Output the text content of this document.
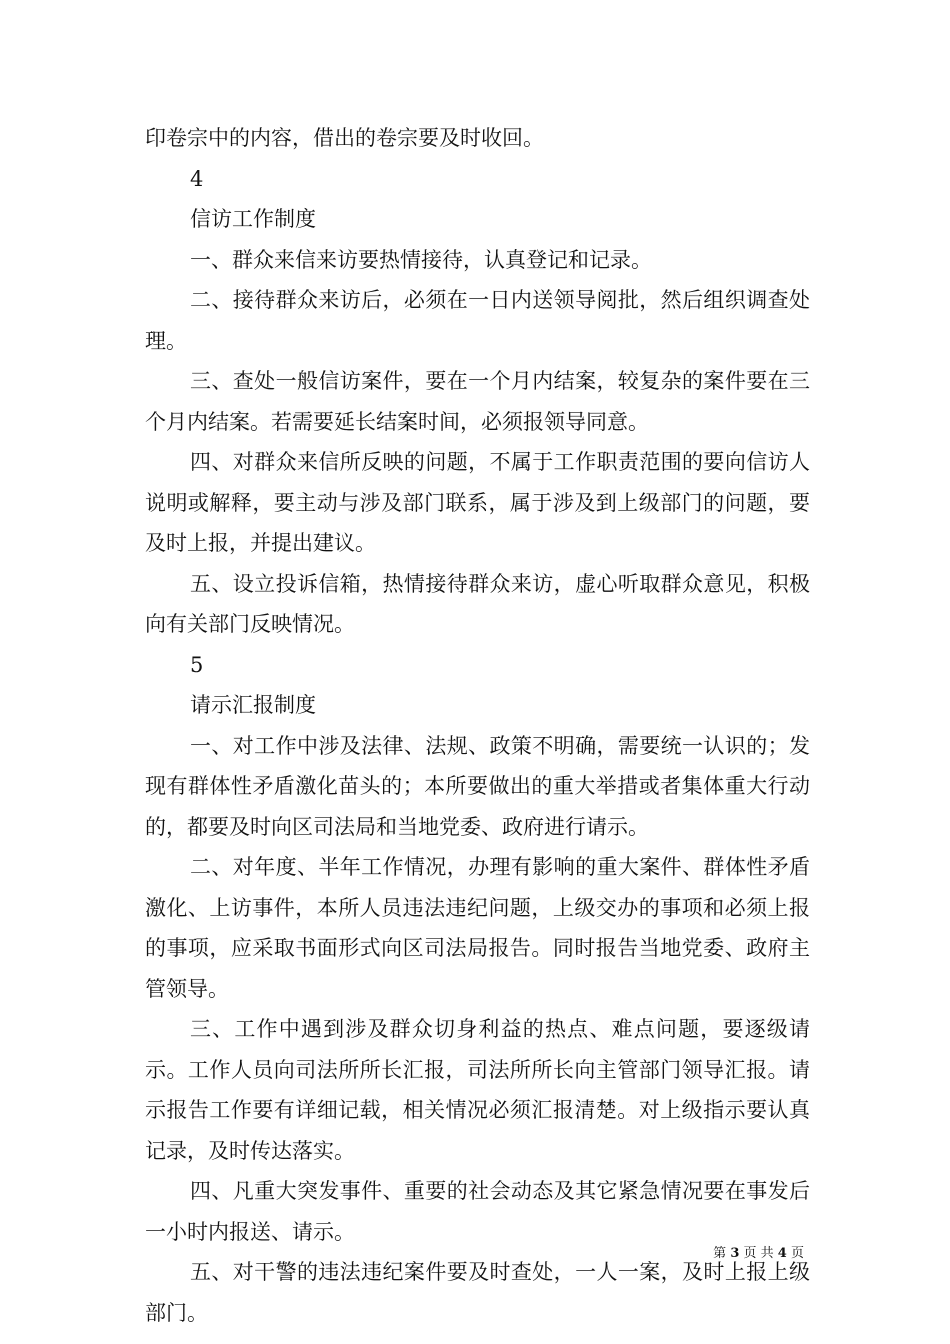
印卷宗中的内容，借出的卷宗要及时收回。

4

信访工作制度

一、群众来信来访要热情接待，认真登记和记录。

二、接待群众来访后，必须在一日内送领导阅批，然后组织调查处理。

三、查处一般信访案件，要在一个月内结案，较复杂的案件要在三个月内结案。若需要延长结案时间，必须报领导同意。

四、对群众来信所反映的问题，不属于工作职责范围的要向信访人说明或解释，要主动与涉及部门联系，属于涉及到上级部门的问题，要及时上报，并提出建议。

五、设立投诉信箱，热情接待群众来访，虚心听取群众意见，积极向有关部门反映情况。

5

请示汇报制度

一、对工作中涉及法律、法规、政策不明确，需要统一认识的；发现有群体性矛盾激化苗头的；本所要做出的重大举措或者集体重大行动的，都要及时向区司法局和当地党委、政府进行请示。

二、对年度、半年工作情况，办理有影响的重大案件、群体性矛盾激化、上访事件，本所人员违法违纪问题，上级交办的事项和必须上报的事项，应采取书面形式向区司法局报告。同时报告当地党委、政府主管领导。

三、工作中遇到涉及群众切身利益的热点、难点问题，要逐级请示。工作人员向司法所所长汇报，司法所所长向主管部门领导汇报。请示报告工作要有详细记载，相关情况必须汇报清楚。对上级指示要认真记录，及时传达落实。

四、凡重大突发事件、重要的社会动态及其它紧急情况要在事发后一小时内报送、请示。

五、对干警的违法违纪案件要及时查处，一人一案，及时上报上级部门。

第 3 页 共 4 页
